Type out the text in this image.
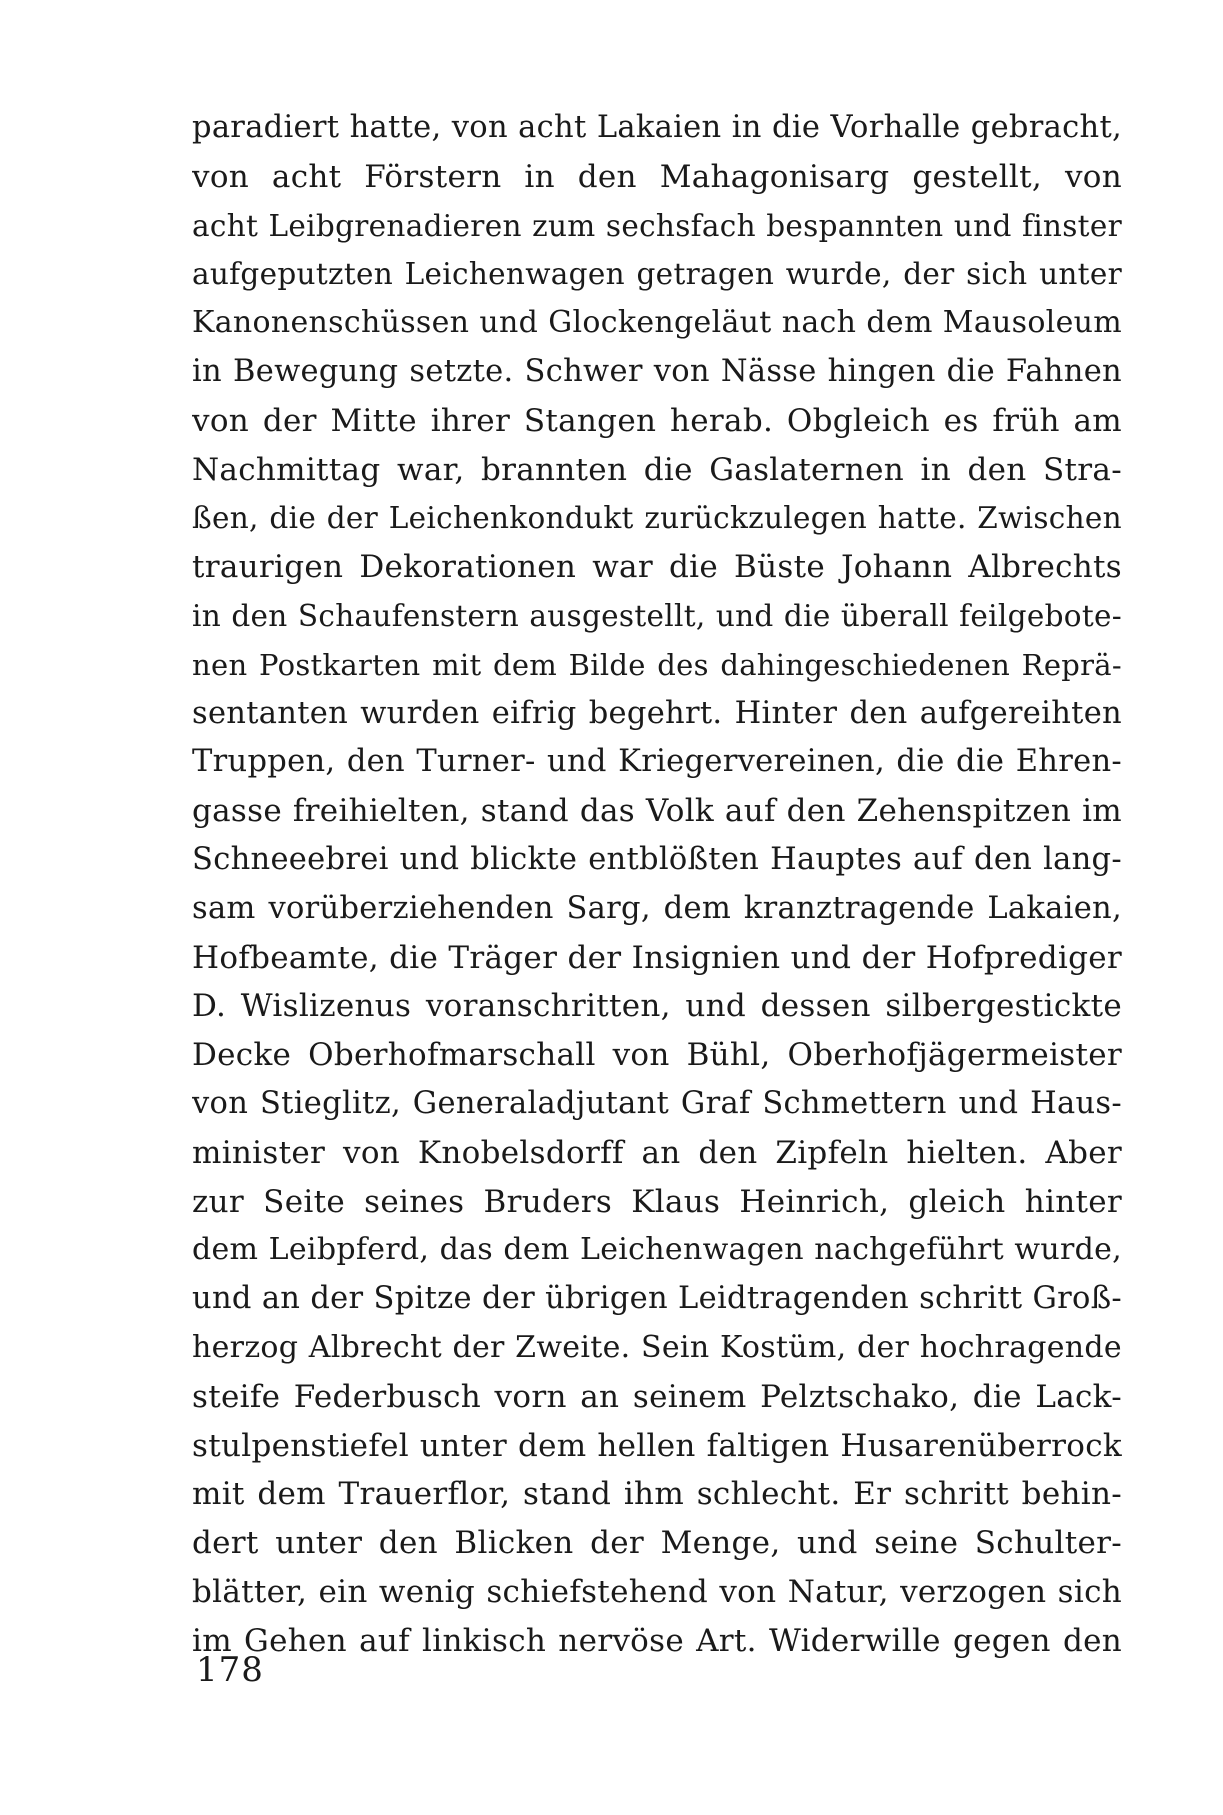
paradiert hatte, von acht Lakaien in die Vorhalle gebracht,
von acht Förstern in den Mahagonisarg gestellt, von
acht Leibgrenadieren zum sechsfach bespannten und finster
aufgeputzten Leichenwagen getragen wurde, der sich unter
Kanonenschüssen und Glockengeläut nach dem Mausoleum
in Bewegung setzte. Schwer von Nässe hingen die Fahnen
von der Mitte ihrer Stangen herab. Obgleich es früh am
Nachmittag war, brannten die Gaslaternen in den Stra-
ßen, die der Leichenkondukt zurückzulegen hatte. Zwischen
traurigen Dekorationen war die Büste Johann Albrechts
in den Schaufenstern ausgestellt, und die überall feilgebote-
nen Postkarten mit dem Bilde des dahingeschiedenen Reprä-
sentanten wurden eifrig begehrt. Hinter den aufgereihten
Truppen, den Turner- und Kriegervereinen, die die Ehren-
gasse freihielten, stand das Volk auf den Zehenspitzen im
Schneeebrei und blickte entblößten Hauptes auf den lang-
sam vorüberziehenden Sarg, dem kranztragende Lakaien,
Hofbeamte, die Träger der Insignien und der Hofprediger
D. Wislizenus voranschritten, und dessen silbergestickte
Decke Oberhofmarschall von Bühl, Oberhofjägermeister
von Stieglitz, Generaladjutant Graf Schmettern und Haus-
minister von Knobelsdorff an den Zipfeln hielten. Aber
zur Seite seines Bruders Klaus Heinrich, gleich hinter
dem Leibpferd, das dem Leichenwagen nachgeführt wurde,
und an der Spitze der übrigen Leidtragenden schritt Groß-
herzog Albrecht der Zweite. Sein Kostüm, der hochragende
steife Federbusch vorn an seinem Pelztschako, die Lack-
stulpenstiefel unter dem hellen faltigen Husarenüberrock
mit dem Trauerflor, stand ihm schlecht. Er schritt behin-
dert unter den Blicken der Menge, und seine Schulter-
blätter, ein wenig schiefstehend von Natur, verzogen sich
im Gehen auf linkisch nervöse Art. Widerwille gegen den
178
